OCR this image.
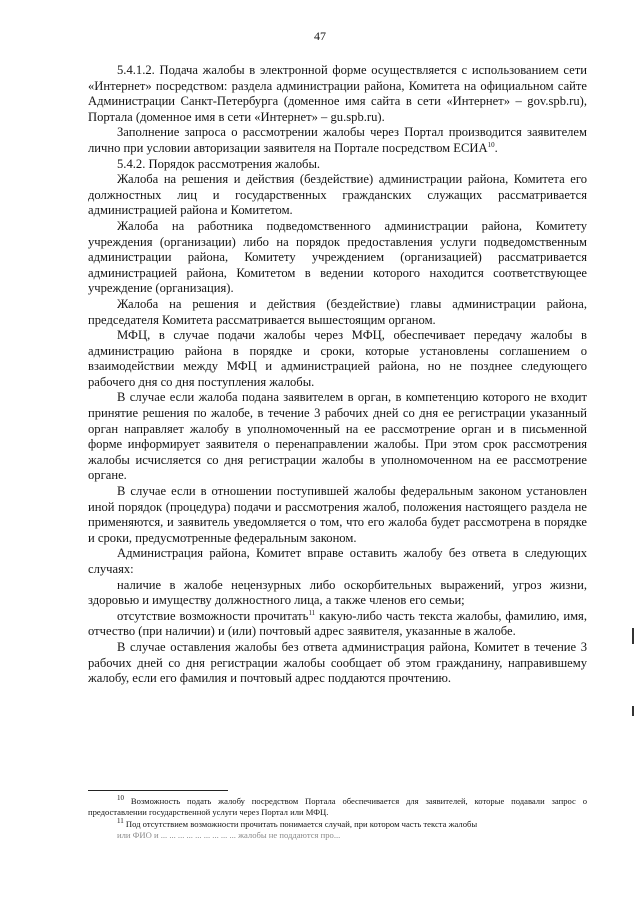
47

5.4.1.2. Подача жалобы в электронной форме осуществляется с использованием сети «Интернет» посредством: раздела администрации района, Комитета на официальном сайте Администрации Санкт-Петербурга (доменное имя сайта в сети «Интернет» – gov.spb.ru), Портала (доменное имя в сети «Интернет» – gu.spb.ru).

Заполнение запроса о рассмотрении жалобы через Портал производится заявителем лично при условии авторизации заявителя на Портале посредством ЕСИА$^{10}$.

5.4.2. Порядок рассмотрения жалобы.

Жалоба на решения и действия (бездействие) администрации района, Комитета его должностных лиц и государственных гражданских служащих рассматривается администрацией района и Комитетом.

Жалоба на работника подведомственного администрации района, Комитету учреждения (организации) либо на порядок предоставления услуги подведомственным администрации района, Комитету учреждением (организацией) рассматривается администрацией района, Комитетом в ведении которого находится соответствующее учреждение (организация).

Жалоба на решения и действия (бездействие) главы администрации района, председателя Комитета рассматривается вышестоящим органом.

МФЦ, в случае подачи жалобы через МФЦ, обеспечивает передачу жалобы в администрацию района в порядке и сроки, которые установлены соглашением о взаимодействии между МФЦ и администрацией района, но не позднее следующего рабочего дня со дня поступления жалобы.

В случае если жалоба подана заявителем в орган, в компетенцию которого не входит принятие решения по жалобе, в течение 3 рабочих дней со дня ее регистрации указанный орган направляет жалобу в уполномоченный на ее рассмотрение орган и в письменной форме информирует заявителя о перенаправлении жалобы. При этом срок рассмотрения жалобы исчисляется со дня регистрации жалобы в уполномоченном на ее рассмотрение органе.

В случае если в отношении поступившей жалобы федеральным законом установлен иной порядок (процедура) подачи и рассмотрения жалоб, положения настоящего раздела не применяются, и заявитель уведомляется о том, что его жалоба будет рассмотрена в порядке и сроки, предусмотренные федеральным законом.

Администрация района, Комитет вправе оставить жалобу без ответа в следующих случаях:

наличие в жалобе нецензурных либо оскорбительных выражений, угроз жизни, здоровью и имуществу должностного лица, а также членов его семьи;

отсутствие возможности прочитать$^{11}$ какую-либо часть текста жалобы, фамилию, имя, отчество (при наличии) и (или) почтовый адрес заявителя, указанные в жалобе.

В случае оставления жалобы без ответа администрация района, Комитет в течение 3 рабочих дней со дня регистрации жалобы сообщает об этом гражданину, направившему жалобу, если его фамилия и почтовый адрес поддаются прочтению.

$^{10}$ Возможность подать жалобу посредством Портала обеспечивается для заявителей, которые подавали запрос о предоставлении государственной услуги через Портал или МФЦ.

$^{11}$ Под отсутствием возможности прочитать понимается случай, при котором часть текста жалобы

или ФИО и ... ... ... ... ... ... ... ... ... жалобы не поддаются про...
